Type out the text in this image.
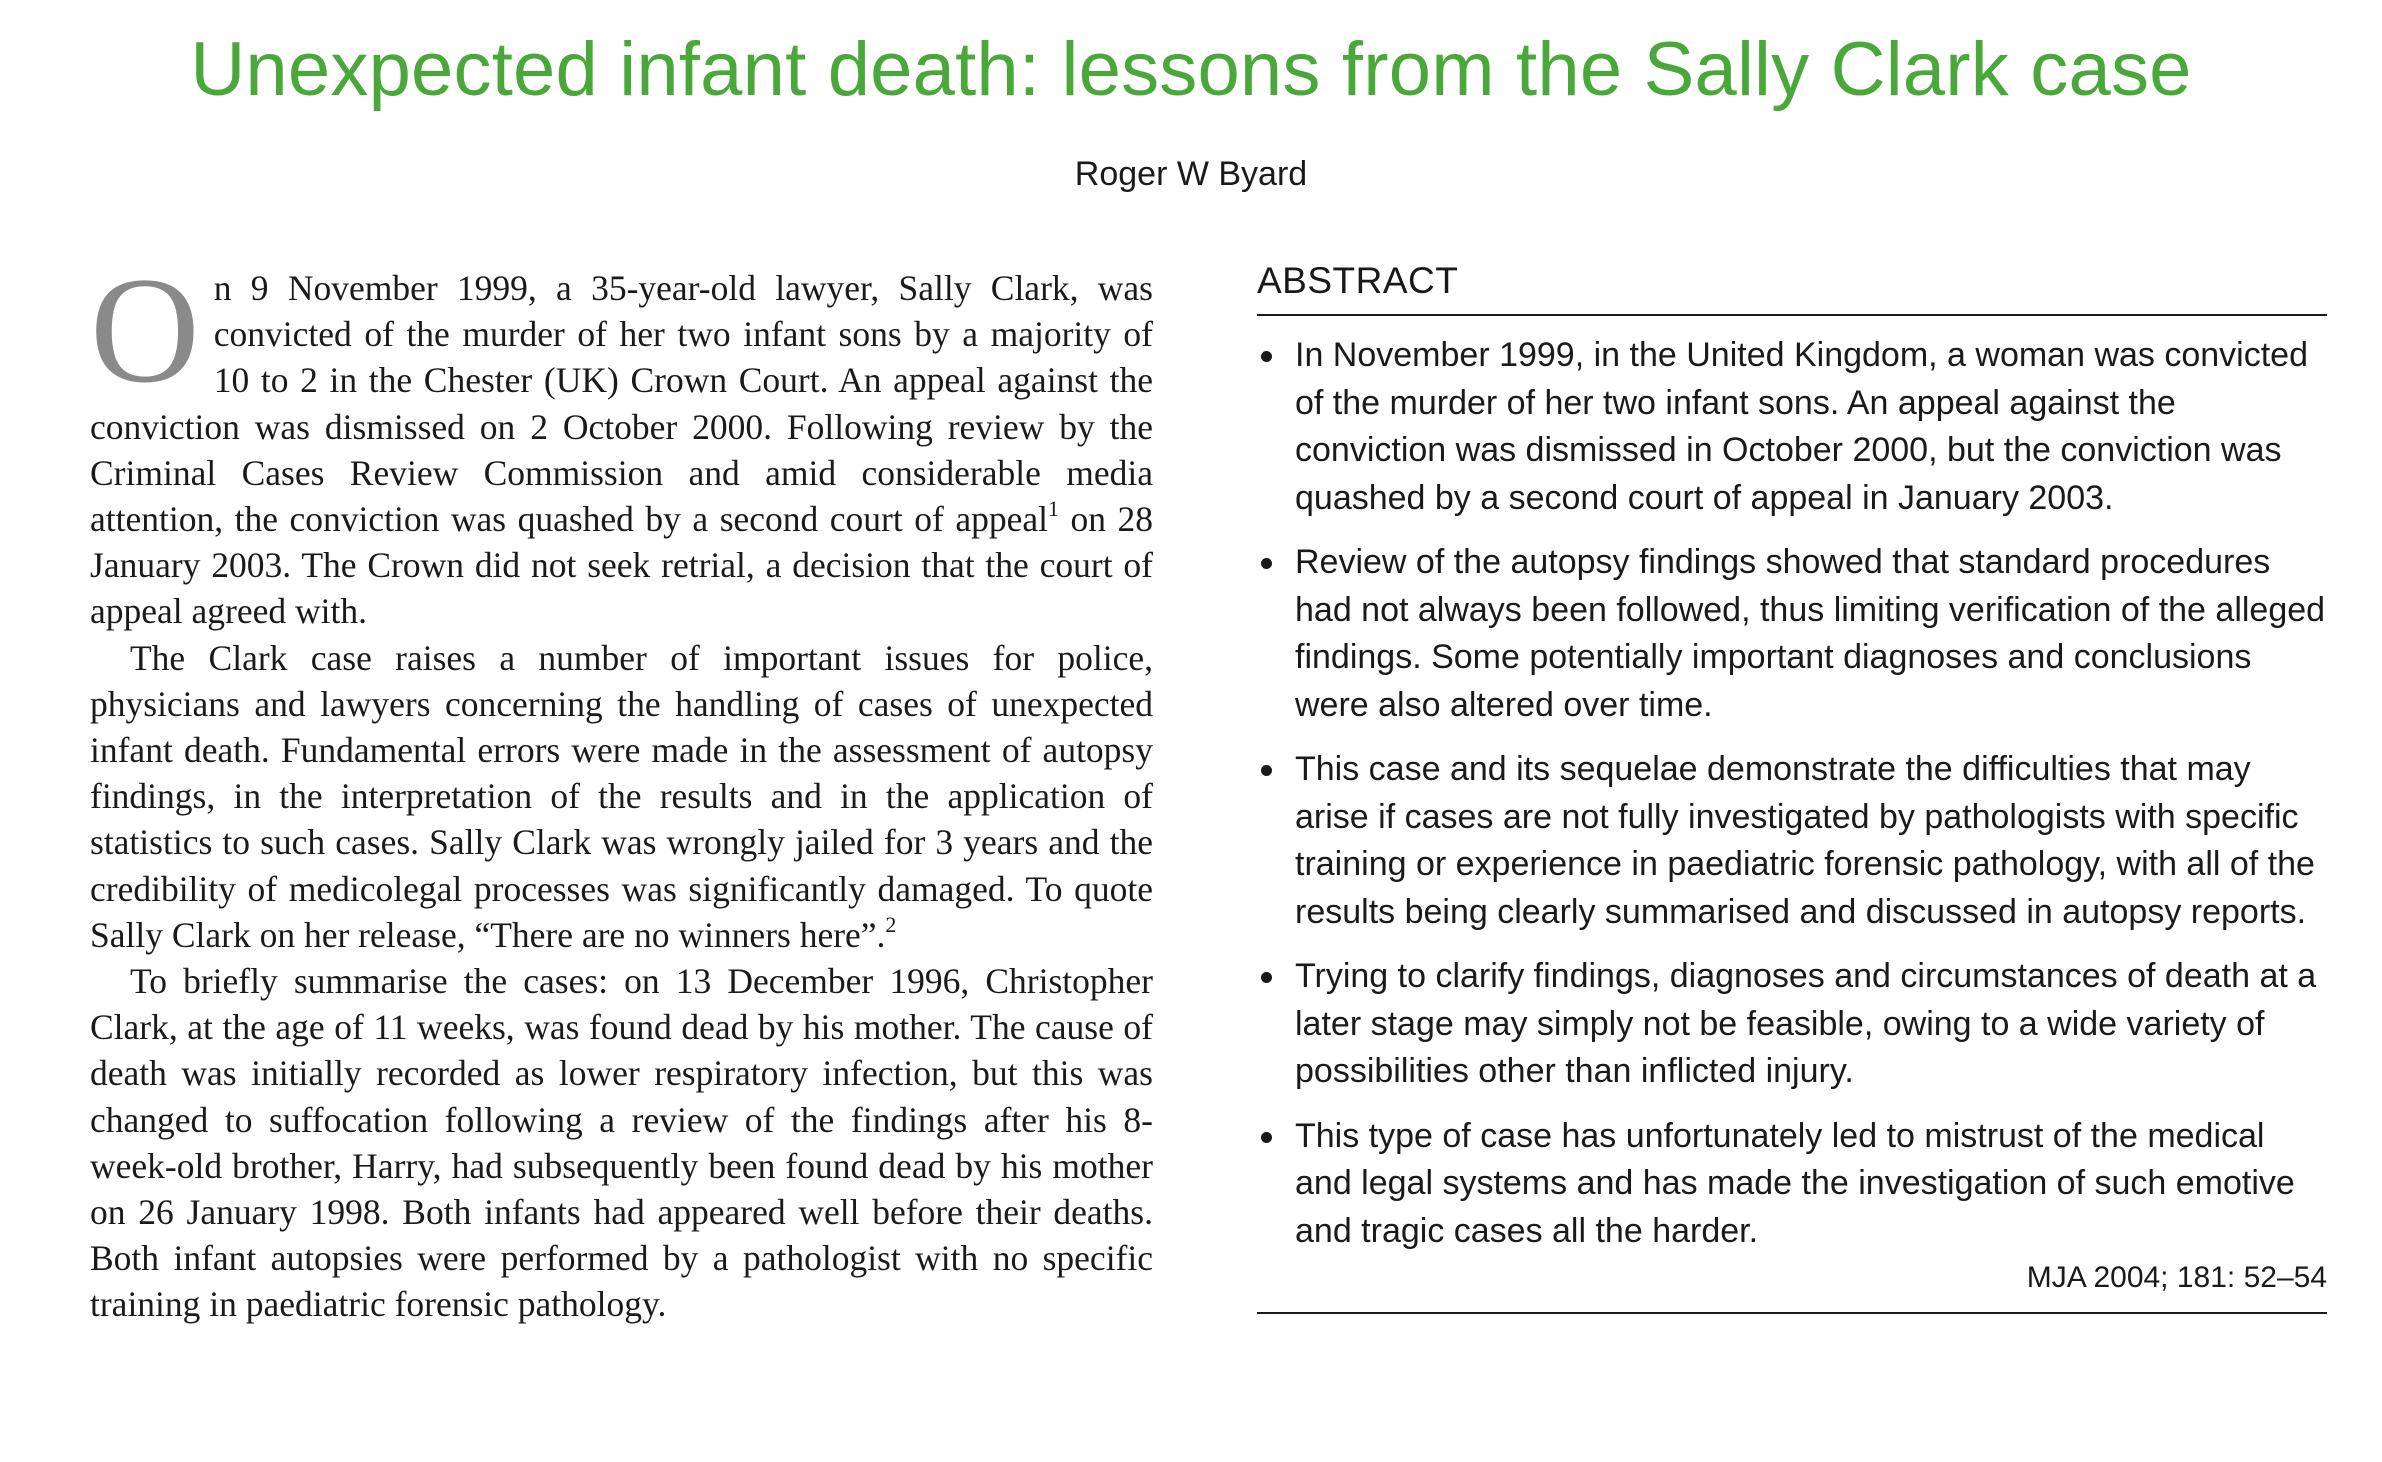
Unexpected infant death: lessons from the Sally Clark case
Roger W Byard

On 9 November 1999, a 35-year-old lawyer, Sally Clark, was convicted of the murder of her two infant sons by a majority of 10 to 2 in the Chester (UK) Crown Court. An appeal against the conviction was dismissed on 2 October 2000. Following review by the Criminal Cases Review Commission and amid considerable media attention, the conviction was quashed by a second court of appeal$^1$ on 28 January 2003. The Crown did not seek retrial, a decision that the court of appeal agreed with.

The Clark case raises a number of important issues for police, physicians and lawyers concerning the handling of cases of unexpected infant death. Fundamental errors were made in the assessment of autopsy findings, in the interpretation of the results and in the application of statistics to such cases. Sally Clark was wrongly jailed for 3 years and the credibility of medicolegal processes was significantly damaged. To quote Sally Clark on her release, “There are no winners here”.$^2$

To briefly summarise the cases: on 13 December 1996, Christopher Clark, at the age of 11 weeks, was found dead by his mother. The cause of death was initially recorded as lower respiratory infection, but this was changed to suffocation following a review of the findings after his 8-week-old brother, Harry, had subsequently been found dead by his mother on 26 January 1998. Both infants had appeared well before their deaths. Both infant autopsies were performed by a pathologist with no specific training in paediatric forensic pathology.

ABSTRACT
In November 1999, in the United Kingdom, a woman was convicted of the murder of her two infant sons. An appeal against the conviction was dismissed in October 2000, but the conviction was quashed by a second court of appeal in January 2003.
Review of the autopsy findings showed that standard procedures had not always been followed, thus limiting verification of the alleged findings. Some potentially important diagnoses and conclusions were also altered over time.
This case and its sequelae demonstrate the difficulties that may arise if cases are not fully investigated by pathologists with specific training or experience in paediatric forensic pathology, with all of the results being clearly summarised and discussed in autopsy reports.
Trying to clarify findings, diagnoses and circumstances of death at a later stage may simply not be feasible, owing to a wide variety of possibilities other than inflicted injury.
This type of case has unfortunately led to mistrust of the medical and legal systems and has made the investigation of such emotive and tragic cases all the harder.
MJA 2004; 181: 52–54
